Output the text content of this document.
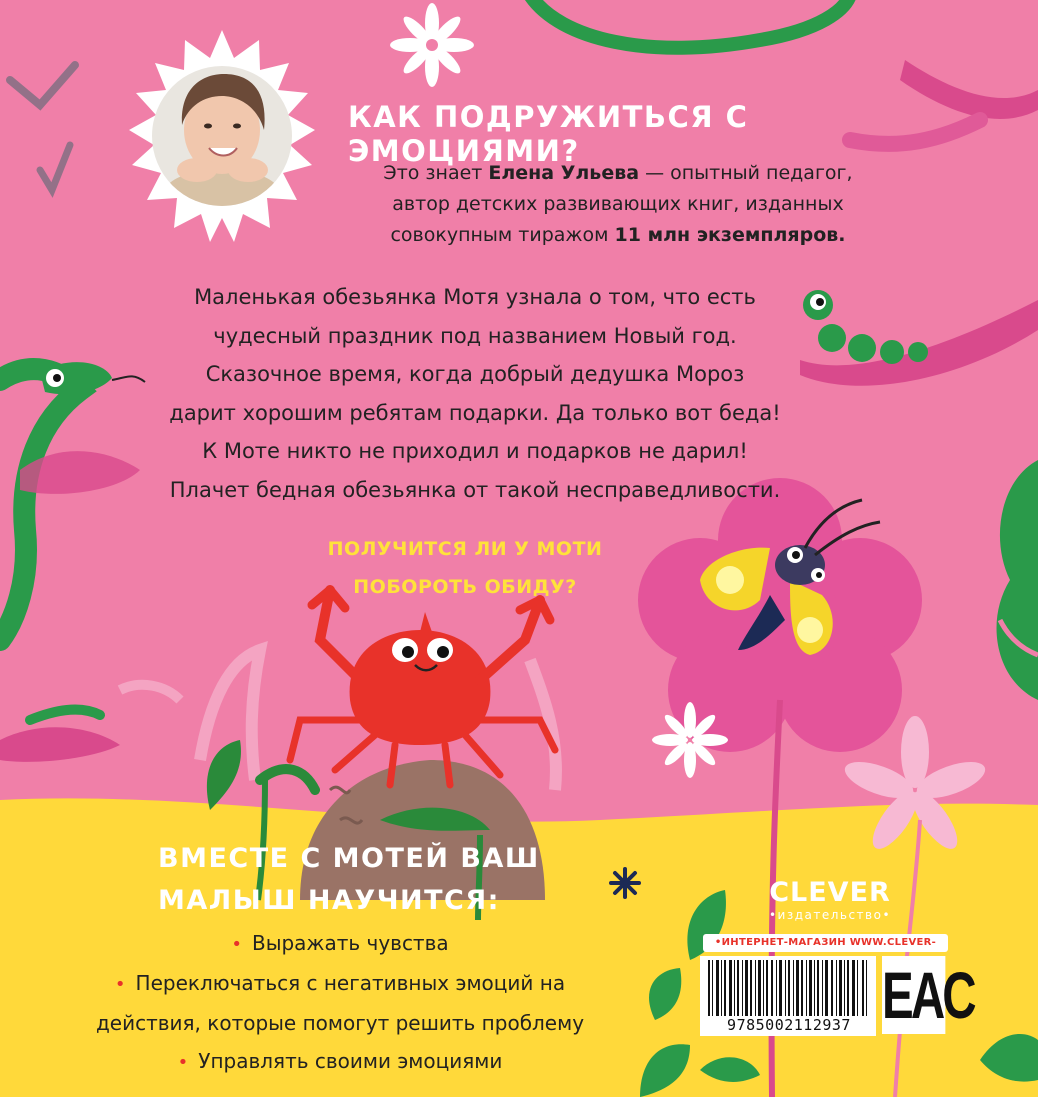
КАК ПОДРУЖИТЬСЯ С ЭМОЦИЯМИ?

Это знает Елена Ульева — опытный педагог,
автор детских развивающих книг, изданных
совокупным тиражом 11 млн экземпляров.

Маленькая обезьянка Мотя узнала о том, что есть
чудесный праздник под названием Новый год.
Сказочное время, когда добрый дедушка Мороз
дарит хорошим ребятам подарки. Да только вот беда!
К Моте никто не приходил и подарков не дарил!
Плачет бедная обезьянка от такой несправедливости.

ПОЛУЧИТСЯ ЛИ У МОТИ
ПОБОРОТЬ ОБИДУ?

ВМЕСТЕ С МОТЕЙ ВАШ
МАЛЫШ НАУЧИТСЯ:
• Выражать чувства
• Переключаться с негативных эмоций на
действия, которые помогут решить проблему
• Управлять своими эмоциями
CLEVER
•издательство•
•ИНТЕРНЕТ-МАГАЗИН WWW.CLEVER-
9785002112937 EAC
